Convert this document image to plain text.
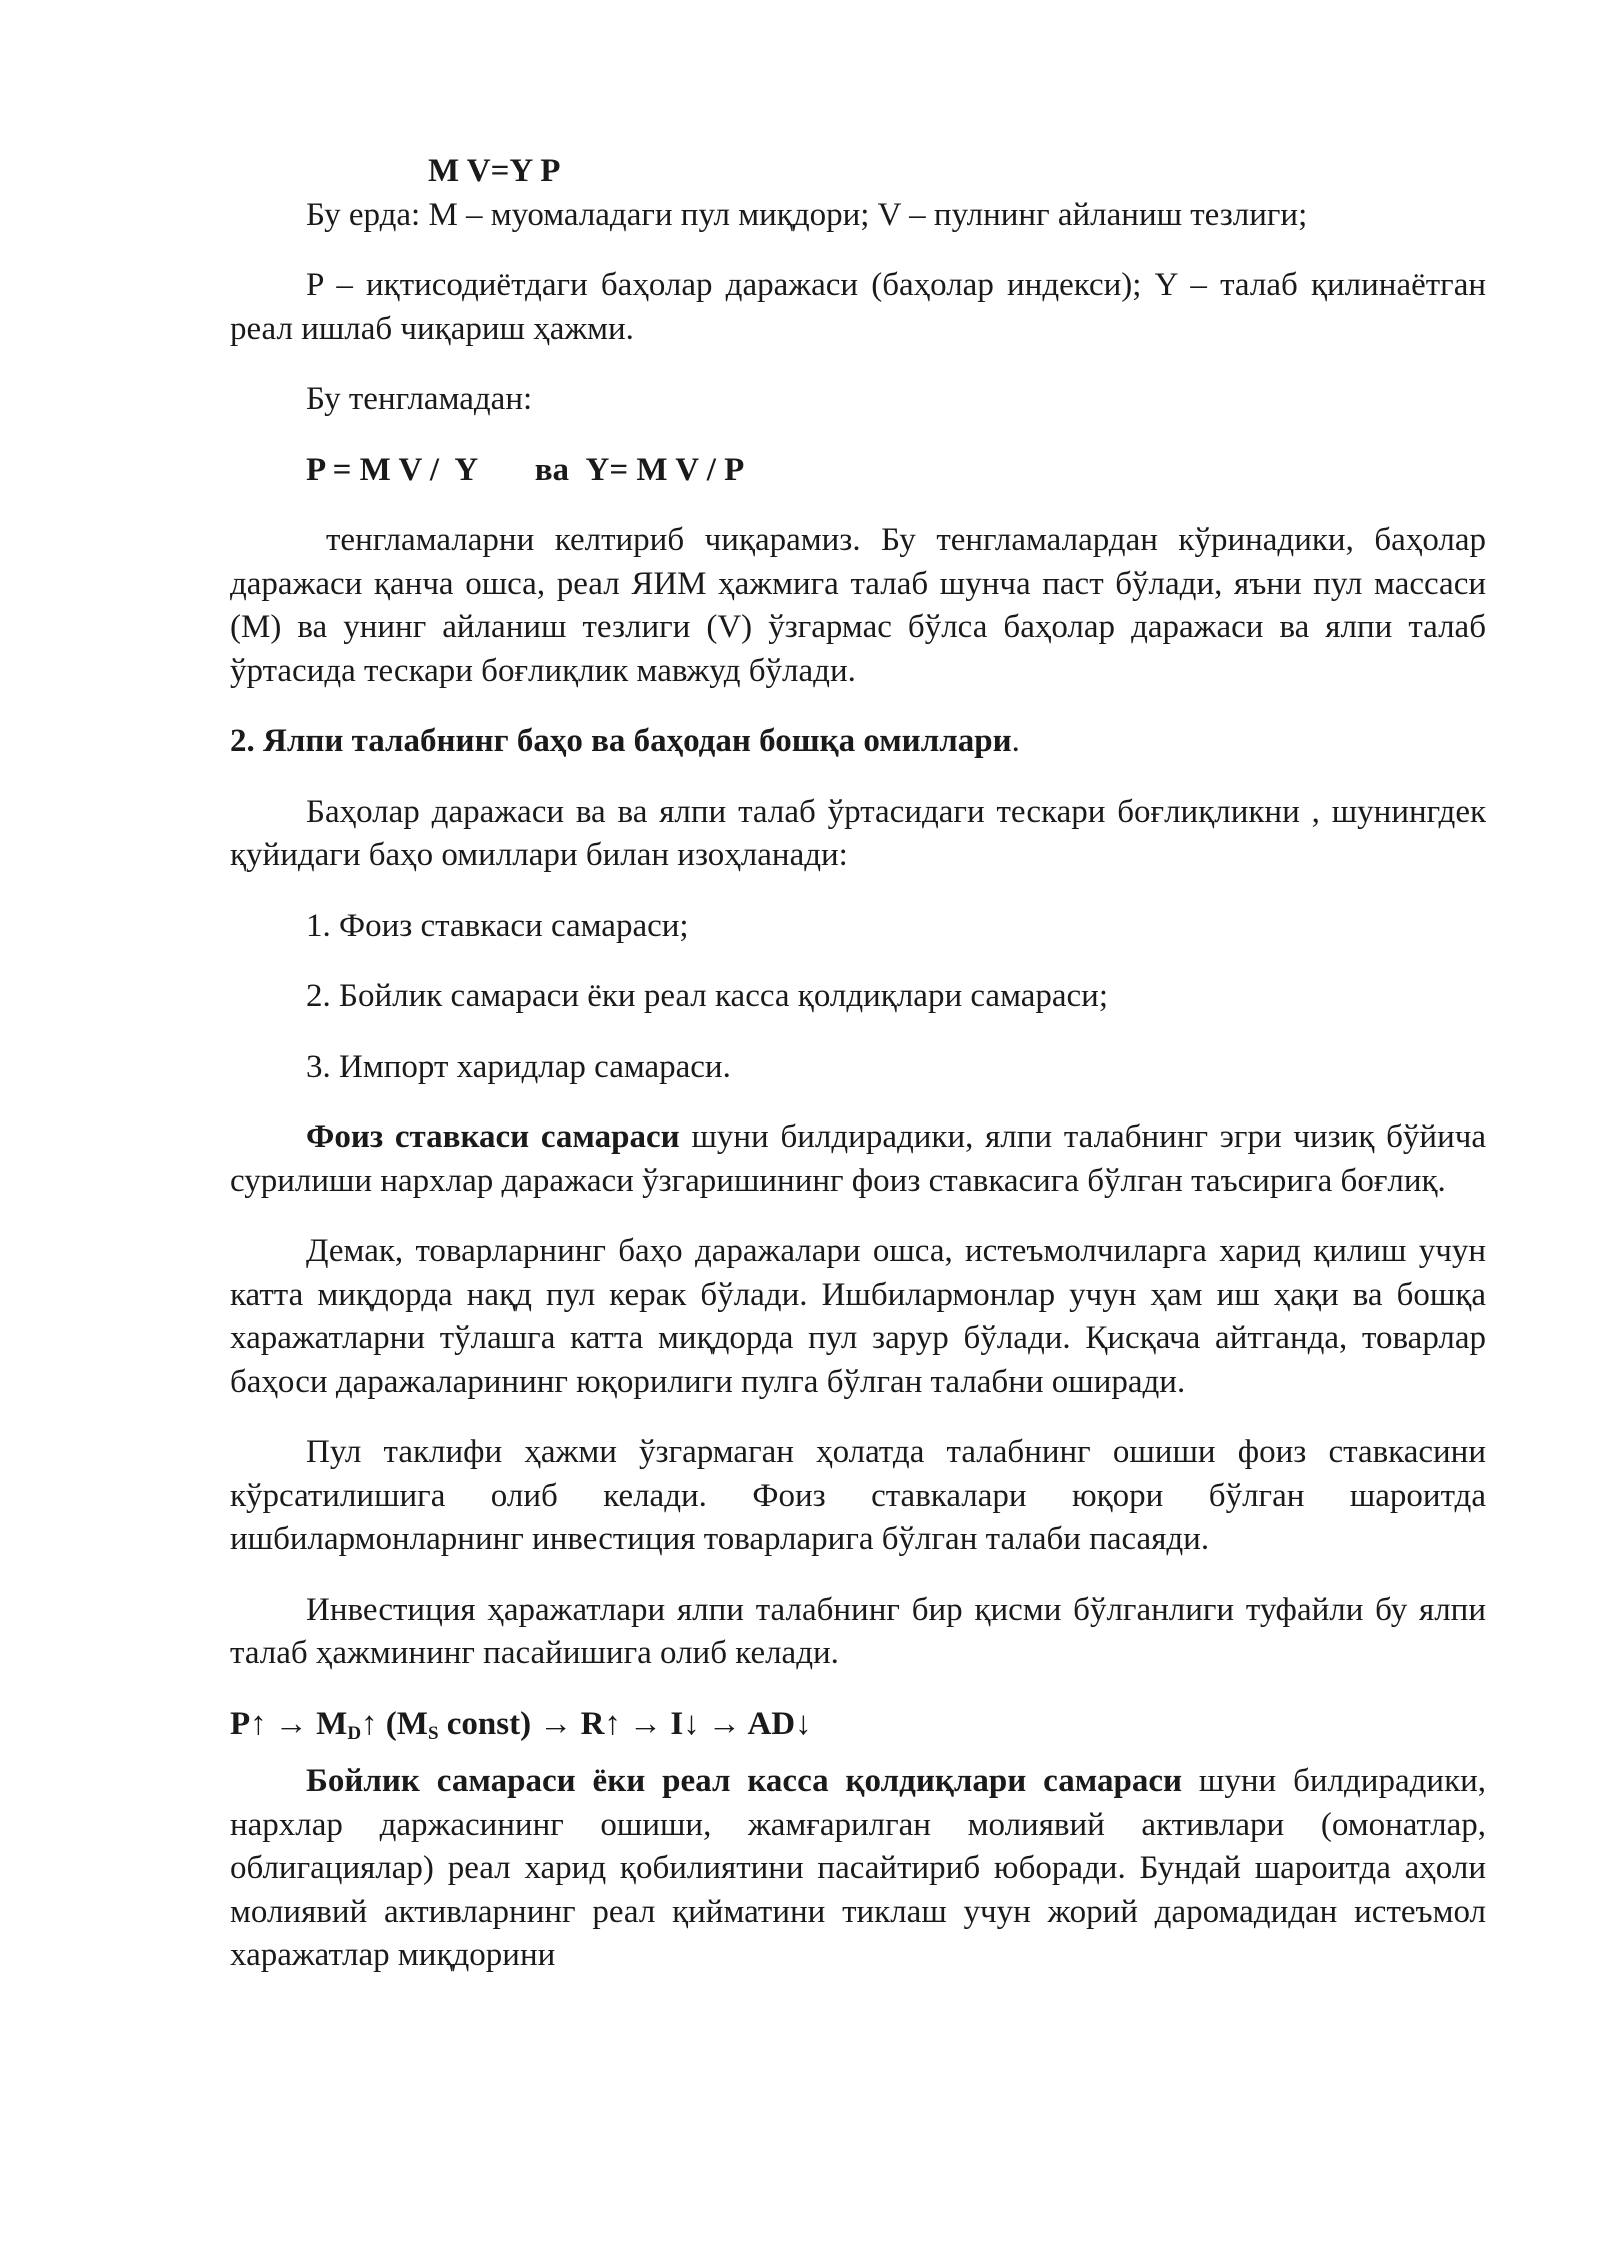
M V=Y P

Бу ерда: М – муомаладаги пул миқдори; V – пулнинг айланиш тезлиги;

P – иқтисодиётдаги баҳолар даражаси (баҳолар индекси); Y – талаб қилинаётган реал ишлаб чиқариш ҳажми.

Бу тенгламадан:

P = M V /  Y       ва  Y= M V / P

тенгламаларни келтириб чиқарамиз. Бу тенгламалардан кўринадики, баҳолар даражаси қанча ошса, реал ЯИМ ҳажмига талаб шунча паст бўлади, яъни пул массаси (М) ва унинг айланиш тезлиги (V) ўзгармас бўлса баҳолар даражаси ва ялпи талаб ўртасида тескари боғлиқлик мавжуд бўлади.

2. Ялпи талабнинг баҳо ва баҳодан бошқа омиллари.

Баҳолар даражаси ва ва ялпи талаб ўртасидаги тескари боғлиқликни , шунингдек қуйидаги баҳо омиллари билан изоҳланади:

1. Фоиз ставкаси самараси;

2. Бойлик самараси ёки реал касса қолдиқлари самараси;

3. Импорт харидлар самараси.

Фоиз ставкаси самараси шуни билдирадики, ялпи талабнинг эгри чизиқ бўйича сурилиши нархлар даражаси ўзгаришининг фоиз ставкасига бўлган таъсирига боғлиқ.

Демак, товарларнинг баҳо даражалари ошса, истеъмолчиларга харид қилиш учун катта миқдорда нақд пул керак бўлади. Ишбилармонлар учун ҳам иш ҳақи ва бошқа харажатларни тўлашга катта миқдорда пул зарур бўлади. Қисқача айтганда, товарлар баҳоси даражаларининг юқорилиги пулга бўлган талабни оширади.

Пул таклифи ҳажми ўзгармаган ҳолатда талабнинг ошиши фоиз ставкасини кўрсатилишига олиб келади. Фоиз ставкалари юқори бўлган шароитда ишбилармонларнинг инвестиция товарларига бўлган талаби пасаяди.

Инвестиция ҳаражатлари ялпи талабнинг бир қисми бўлганлиги туфайли бу ялпи талаб ҳажмининг пасайишига олиб келади.

P↑ → $M_D↑$ ($M_S$ const) → R↑ → I↓ → AD↓

Бойлик самараси ёки реал касса қолдиқлари самараси шуни билдирадики, нархлар даржасининг ошиши, жамғарилган молиявий активлари (омонатлар, облигациялар) реал харид қобилиятини пасайтириб юборади. Бундай шароитда аҳоли молиявий активларнинг реал қийматини тиклаш учун жорий даромадидан истеъмол харажатлар миқдорини
